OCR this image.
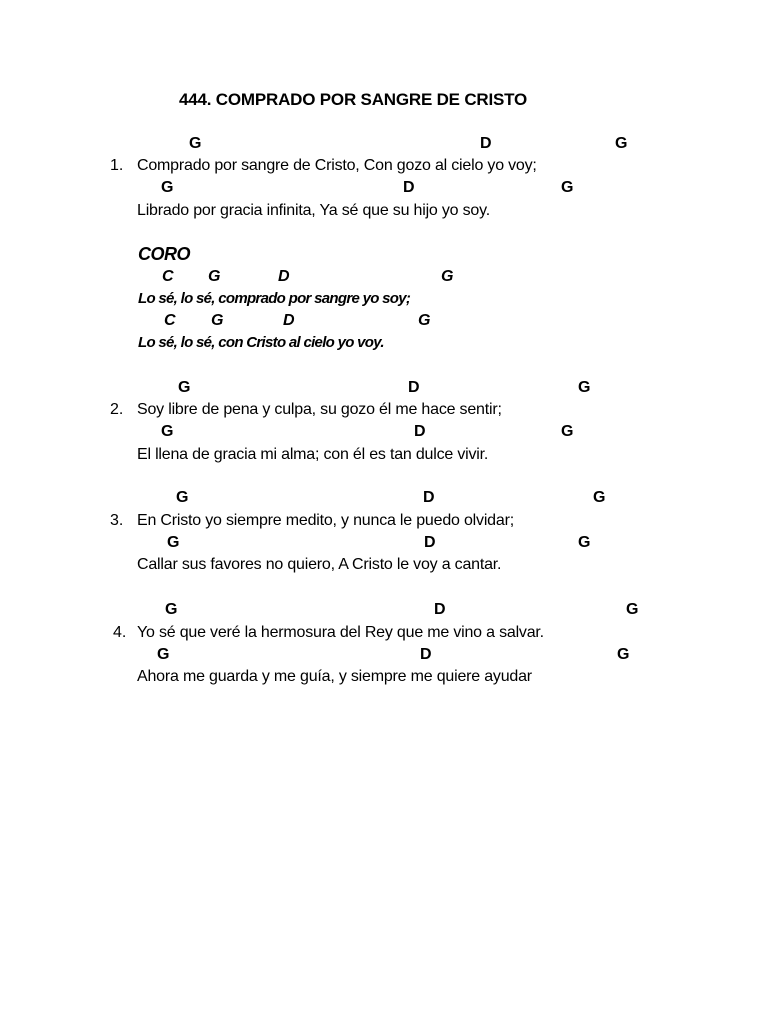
444. COMPRADO POR SANGRE DE CRISTO
G	D	G
1. Comprado por sangre de Cristo, Con gozo al cielo yo voy;
G	D	G
Librado por gracia infinita, Ya sé que su hijo yo soy.
CORO
C G	D	G
Lo sé, lo sé, comprado por sangre yo soy;
C G	D	G
Lo sé, lo sé, con Cristo al cielo yo voy.
G	D	G
2. Soy libre de pena y culpa, su gozo él me hace sentir;
G	D	G
El llena de gracia mi alma; con él es tan dulce vivir.
G	D	G
3. En Cristo yo siempre medito, y nunca le puedo olvidar;
G	D	G
Callar sus favores no quiero, A Cristo le voy a cantar.
G	D	G
4. Yo sé que veré la hermosura del Rey que me vino a salvar.
G	D	G
Ahora me guarda y me guía, y siempre me quiere ayudar
